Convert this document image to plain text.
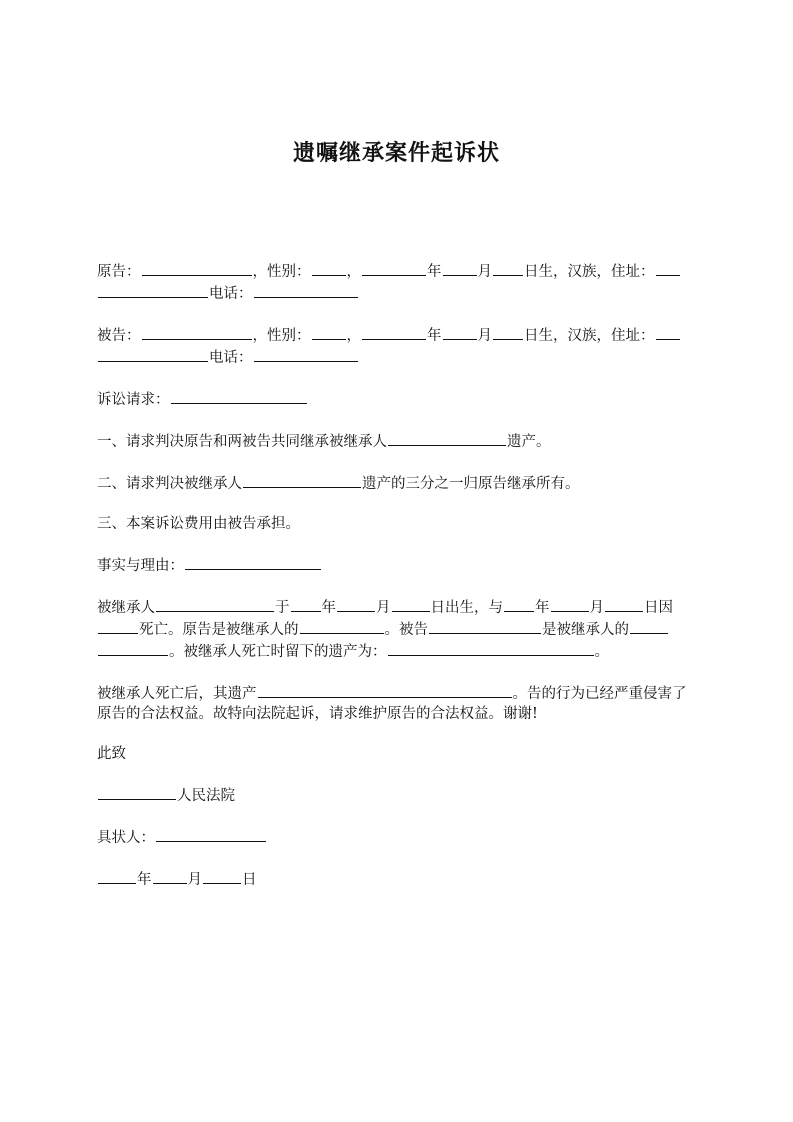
遗嘱继承案件起诉状

原告：	，性别： ，	年 月 日生，汉族，住址：
电话：

被告：	，性别： ，	年 月 日生，汉族，住址：
电话：

诉讼请求：

一、请求判决原告和两被告共同继承被继承人	遗产。

二、请求判决被继承人	遗产的三分之一归原告继承所有。

三、本案诉讼费用由被告承担。

事实与理由：

被继承人	于 年	月	日出生，与 年	月	日因
死亡。原告是被继承人的	。被告	是被继承人的
。被继承人死亡时留下的遗产为：	。

被继承人死亡后，其遗产	。告的行为已经严重侵害了原告的合法权益。故特向法院起诉，请求维护原告的合法权益。谢谢!

此致

人民法院

具状人：

年 月	日
